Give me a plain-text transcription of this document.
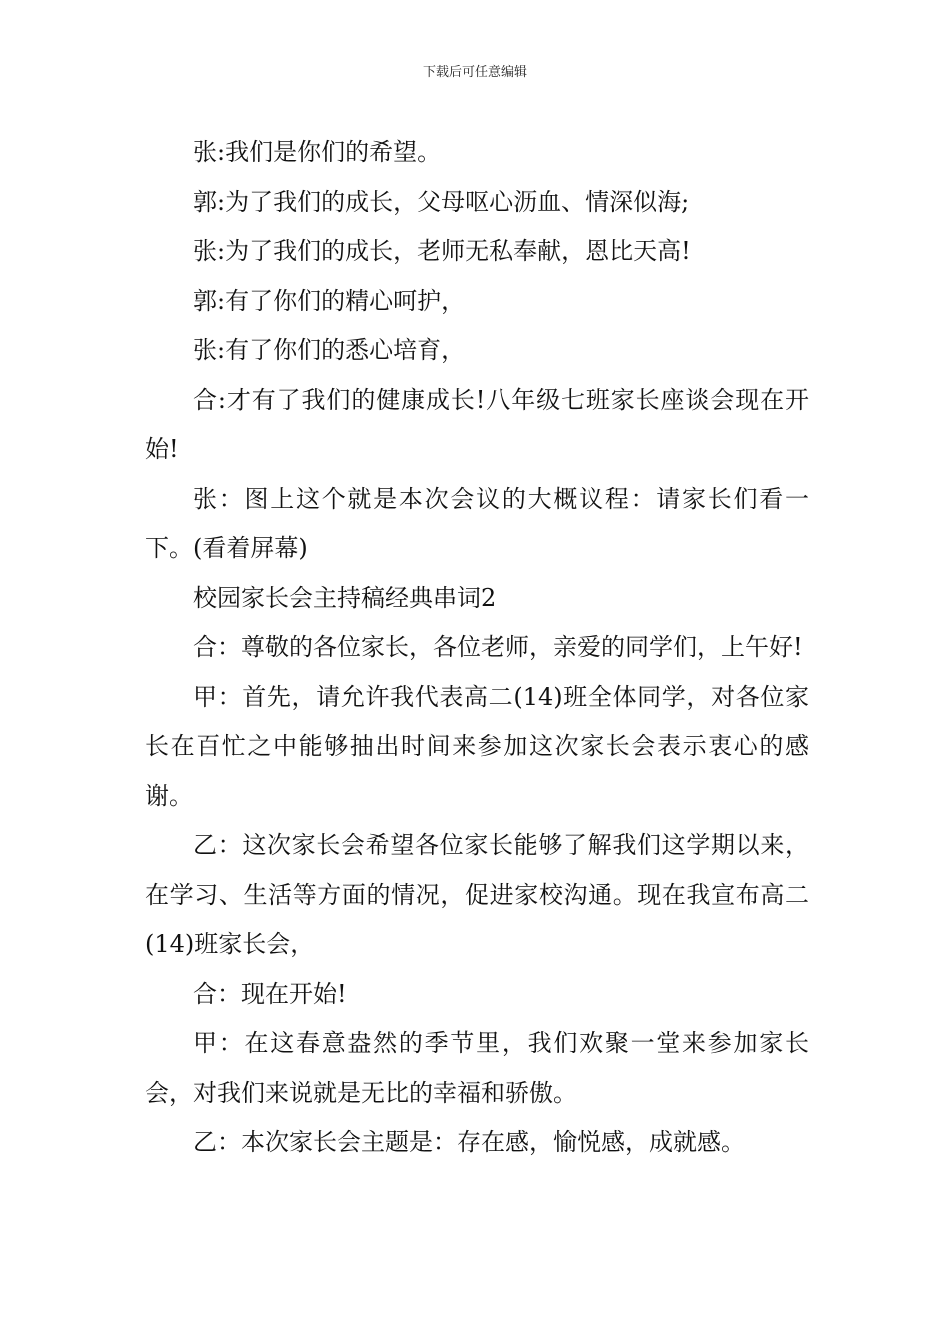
下载后可任意编辑

张:我们是你们的希望。

郭:为了我们的成长，父母呕心沥血、情深似海;

张:为了我们的成长，老师无私奉献，恩比天高!

郭:有了你们的精心呵护，

张:有了你们的悉心培育，

合:才有了我们的健康成长!八年级七班家长座谈会现在开始!

张：图上这个就是本次会议的大概议程：请家长们看一下。(看着屏幕)

校园家长会主持稿经典串词2

合：尊敬的各位家长，各位老师，亲爱的同学们，上午好!

甲：首先，请允许我代表高二(14)班全体同学，对各位家长在百忙之中能够抽出时间来参加这次家长会表示衷心的感谢。

乙：这次家长会希望各位家长能够了解我们这学期以来，在学习、生活等方面的情况，促进家校沟通。现在我宣布高二(14)班家长会，

合：现在开始!

甲：在这春意盎然的季节里，我们欢聚一堂来参加家长会，对我们来说就是无比的幸福和骄傲。

乙：本次家长会主题是：存在感，愉悦感，成就感。
